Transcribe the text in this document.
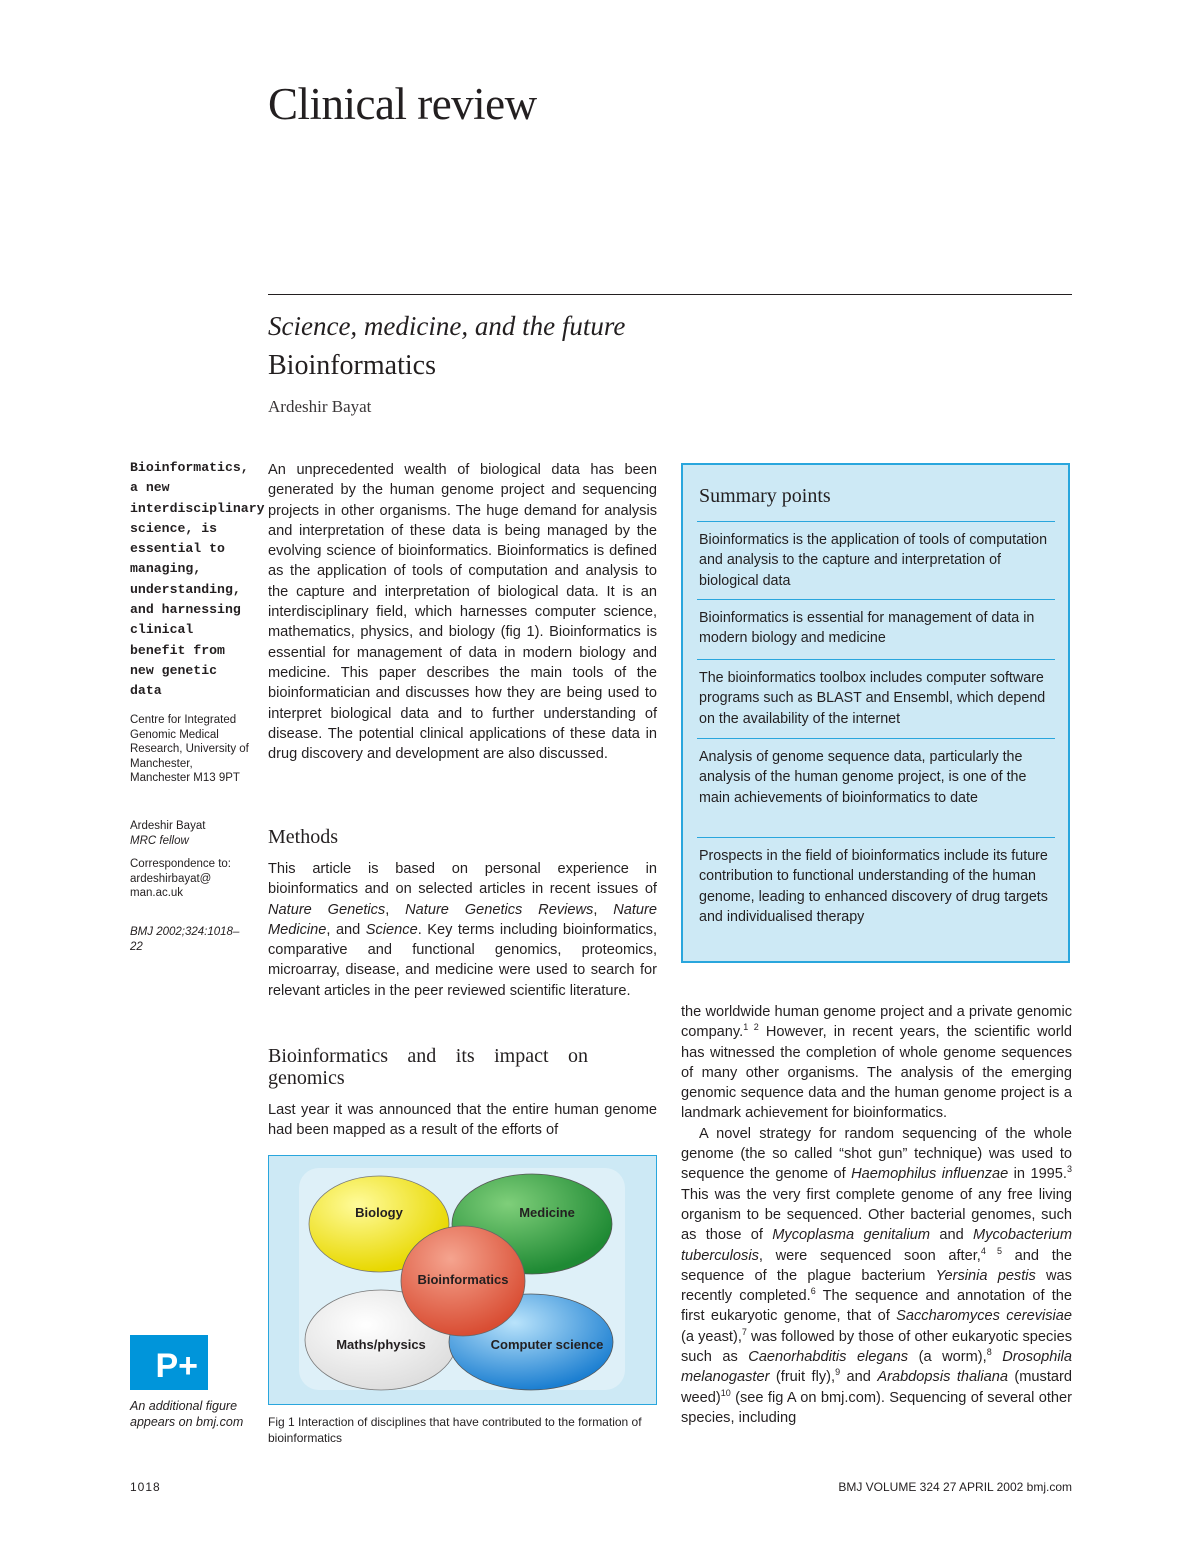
Clinical review
Science, medicine, and the future
Bioinformatics
Ardeshir Bayat
Bioinformatics, a new interdisciplinary science, is essential to managing, understanding, and harnessing clinical benefit from new genetic data
Centre for Integrated Genomic Medical Research, University of Manchester, Manchester M13 9PT
Ardeshir Bayat
MRC fellow
Correspondence to:
ardeshirbayat@ man.ac.uk
BMJ 2002;324:1018–22

An unprecedented wealth of biological data has been generated by the human genome project and sequencing projects in other organisms. The huge demand for analysis and interpretation of these data is being managed by the evolving science of bioinformatics. Bioinformatics is defined as the application of tools of computation and analysis to the capture and interpretation of biological data. It is an interdisciplinary field, which harnesses computer science, mathematics, physics, and biology (fig 1). Bioinformatics is essential for management of data in modern biology and medicine. This paper describes the main tools of the bioinformatician and discusses how they are being used to interpret biological data and to further understanding of disease. The potential clinical applications of these data in drug discovery and development are also discussed.

Methods

This article is based on personal experience in bioinformatics and on selected articles in recent issues of Nature Genetics, Nature Genetics Reviews, Nature Medicine, and Science. Key terms including bioinformatics, comparative and functional genomics, proteomics, microarray, disease, and medicine were used to search for relevant articles in the peer reviewed scientific literature.

Bioinformatics and its impact on genomics

Last year it was announced that the entire human genome had been mapped as a result of the efforts of

Biology	Medicine
Bioinformatics
Maths/physics	Computer science
Fig 1 Interaction of disciplines that have contributed to the formation of bioinformatics
Summary points
Bioinformatics is the application of tools of computation and analysis to the capture and interpretation of biological data
Bioinformatics is essential for management of data in modern biology and medicine
The bioinformatics toolbox includes computer software programs such as BLAST and Ensembl, which depend on the availability of the internet
Analysis of genome sequence data, particularly the analysis of the human genome project, is one of the main achievements of bioinformatics to date
Prospects in the field of bioinformatics include its future contribution to functional understanding of the human genome, leading to enhanced discovery of drug targets and individualised therapy

the worldwide human genome project and a private genomic company.$^{1 2}$ However, in recent years, the scientific world has witnessed the completion of whole genome sequences of many other organisms. The analysis of the emerging genomic sequence data and the human genome project is a landmark achievement for bioinformatics.

A novel strategy for random sequencing of the whole genome (the so called “shot gun” technique) was used to sequence the genome of Haemophilus influenzae in 1995.$^3$ This was the very first complete genome of any free living organism to be sequenced. Other bacterial genomes, such as those of Mycoplasma genitalium and Mycobacterium tuberculosis, were sequenced soon after,$^{4 5}$ and the sequence of the plague bacterium Yersinia pestis was recently completed.$^6$ The sequence and annotation of the first eukaryotic genome, that of Saccharomyces cerevisiae (a yeast),$^7$ was followed by those of other eukaryotic species such as Caenorhabditis elegans (a worm),$^8$ Drosophila melanogaster (fruit fly),$^9$ and Arabdopsis thaliana (mustard weed)$^{10}$ (see fig A on bmj.com). Sequencing of several other species, including

P+
An additional figure appears on bmj.com
1018	BMJ VOLUME 324 27 APRIL 2002 bmj.com
